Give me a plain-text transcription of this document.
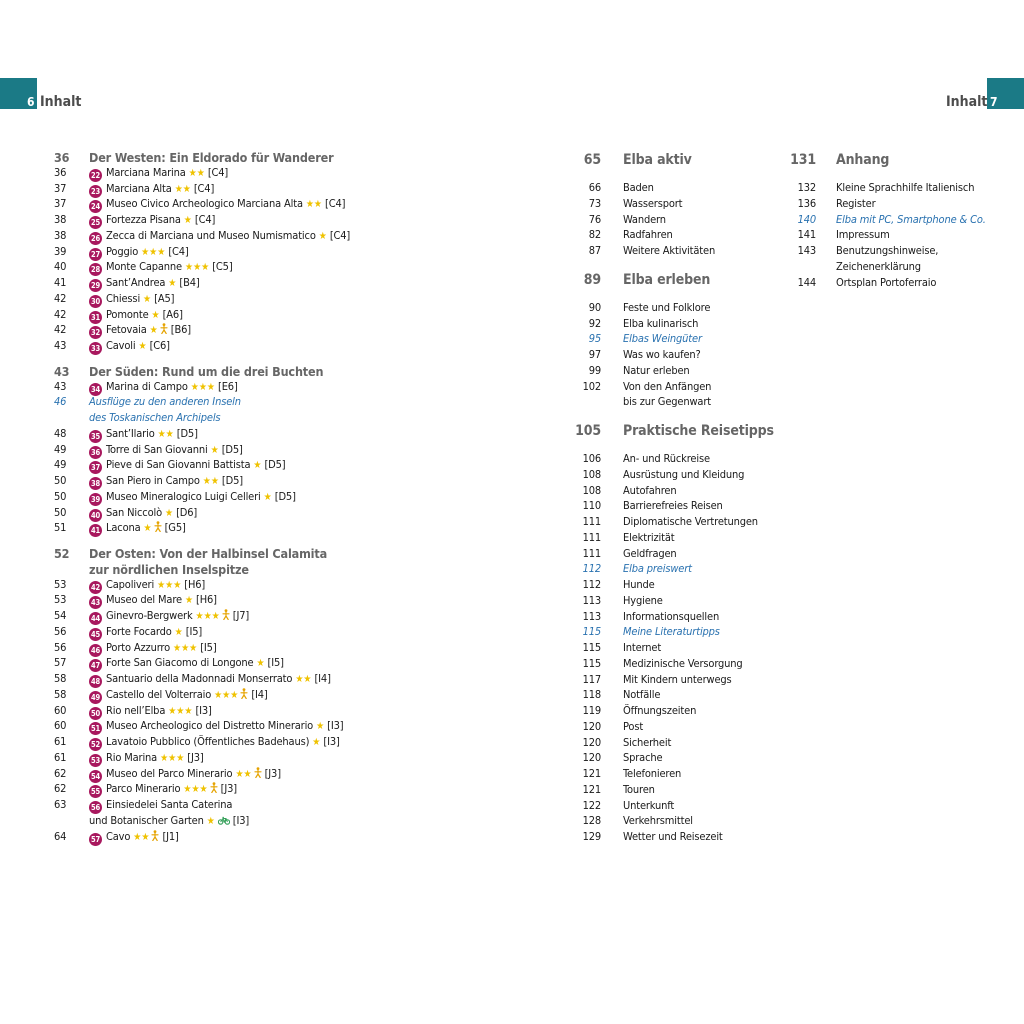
6 Inhalt	Inhalt 7
36 Der Westen: Ein Eldorado für Wanderer
36	22 Marciana Marina ★★ [C4]
37	23 Marciana Alta ★★ [C4]
37	24 Museo Civico Archeologico Marciana Alta ★★ [C4]
38	25 Fortezza Pisana ★ [C4]
38	26 Zecca di Marciana und Museo Numismatico ★ [C4]
39	27 Poggio ★★★ [C4]
40	28 Monte Capanne ★★★ [C5]
41	29 Sant’Andrea ★ [B4]
42	30 Chiessi ★ [A5]
42	31 Pomonte ★ [A6]
42	32 Fetovaia ★ [B6]
43	33 Cavoli ★ [C6]
43 Der Süden: Rund um die drei Buchten
43	34 Marina di Campo ★★★ [E6]
46 Ausflüge zu den anderen Inseln
des Toskanischen Archipels
48	35 Sant’Ilario ★★ [D5]
49	36 Torre di San Giovanni ★ [D5]
49	37 Pieve di San Giovanni Battista ★ [D5]
50	38 San Piero in Campo ★★ [D5]
50	39 Museo Mineralogico Luigi Celleri ★ [D5]
50	40 San Niccolò ★ [D6]
51	41 Lacona ★ [G5]
52 Der Osten: Von der Halbinsel Calamita
zur nördlichen Inselspitze
53	42 Capoliveri ★★★ [H6]
53	43 Museo del Mare ★ [H6]
54	44 Ginevro-Bergwerk ★★★ [J7]
56	45 Forte Focardo ★ [I5]
56	46 Porto Azzurro ★★★ [I5]
57	47 Forte San Giacomo di Longone ★ [I5]
58	48 Santuario della Madonnadi Monserrato ★★ [I4]
58	49 Castello del Volterraio ★★★ [I4]
60	50 Rio nell’Elba ★★★ [I3]
60	51 Museo Archeologico del Distretto Minerario ★ [I3]
61	52 Lavatoio Pubblico (Öffentliches Badehaus) ★ [I3]
61	53 Rio Marina ★★★ [J3]
62	54 Museo del Parco Minerario ★★ [J3]
62	55 Parco Minerario ★★★ [J3]
63	56 Einsiedelei Santa Caterina
und Botanischer Garten ★ [I3]
64	57 Cavo ★★ [J1]
65 Elba aktiv
66 Baden
73 Wassersport
76 Wandern
82 Radfahren
87 Weitere Aktivitäten
89 Elba erleben
90 Feste und Folklore
92 Elba kulinarisch
95 Elbas Weingüter
97 Was wo kaufen?
99 Natur erleben
102 Von den Anfängen
bis zur Gegenwart
105 Praktische Reisetipps
106 An- und Rückreise
108 Ausrüstung und Kleidung
108 Autofahren
110 Barrierefreies Reisen
111 Diplomatische Vertretungen
111 Elektrizität
111 Geldfragen
112 Elba preiswert
112 Hunde
113 Hygiene
113 Informationsquellen
115 Meine Literaturtipps
115 Internet
115 Medizinische Versorgung
117 Mit Kindern unterwegs
118 Notfälle
119 Öffnungszeiten
120 Post
120 Sicherheit
120 Sprache
121 Telefonieren
121 Touren
122 Unterkunft
128 Verkehrsmittel
129 Wetter und Reisezeit
131 Anhang
132 Kleine Sprachhilfe Italienisch
136 Register
140 Elba mit PC, Smartphone & Co.
141 Impressum
143 Benutzungshinweise,
Zeichenerklärung
144 Ortsplan Portoferraio
